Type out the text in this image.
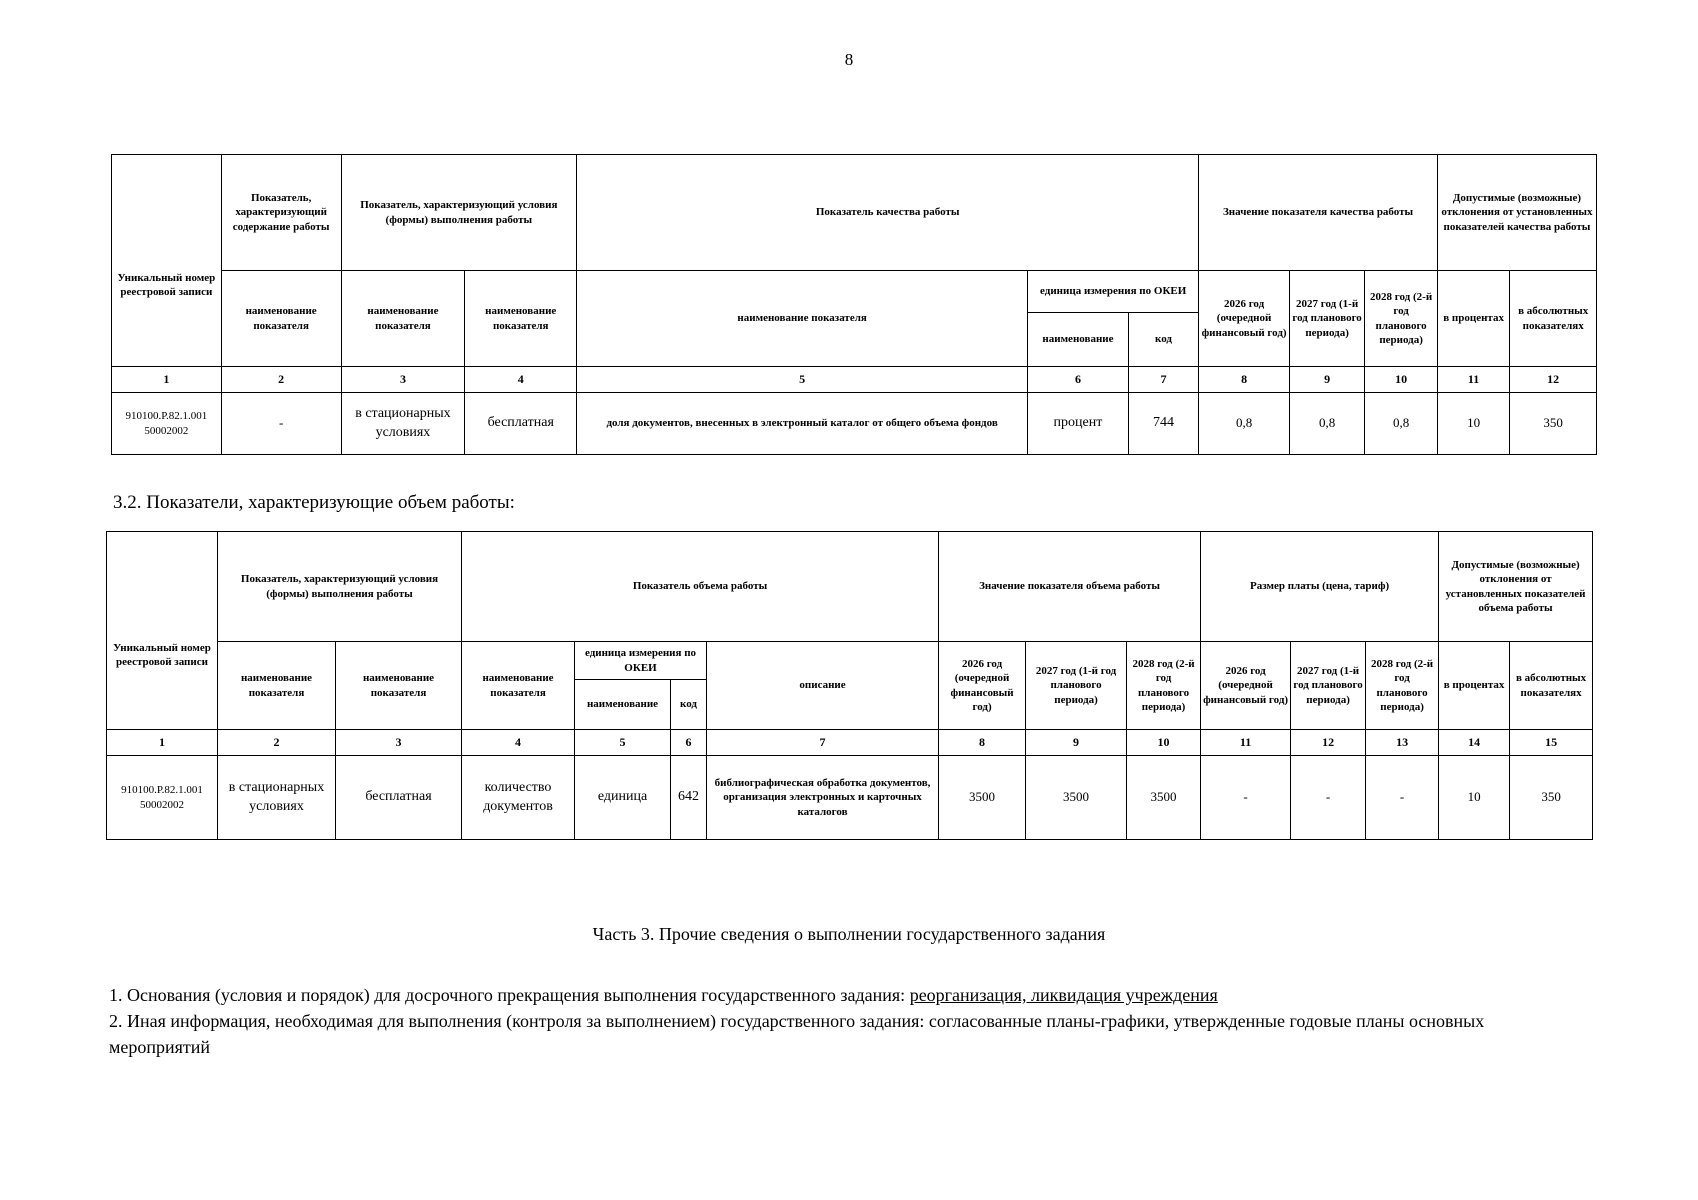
8
Уникальный номер реестровой записи	Показатель, характеризующий содержание работы	Показатель, характеризующий условия (формы) выполнения работы		Показатель качества работы			Значение показателя качества работы			Допустимые (возможные) отклонения от установленных показателей качества работы	
	наименование показателя	наименование показателя	наименование показателя	наименование показателя	единица измерения по ОКЕИ		2026 год (очередной финансовый год)	2027 год (1-й год планового периода)	2028 год (2-й год планового периода)	в процентах	в абсолютных показателях
					наименование	код					
1	2	3	4	5	6	7	8	9	10	11	12
910100.Р.82.1.001 50002002	-	в стационарных условиях	бесплатная	доля документов, внесенных в электронный каталог от общего объема фондов	процент	744	0,8	0,8	0,8	10	350
3.2. Показатели, характеризующие объем работы:
Уникальный номер реестровой записи	Показатель, характеризующий условия (формы) выполнения работы		Показатель объема работы				Значение показателя объема работы			Размер платы (цена, тариф)			Допустимые (возможные) отклонения от установленных показателей объема работы	
	наименование показателя	наименование показателя	наименование показателя	единица измерения по ОКЕИ		описание	2026 год (очередной финансовый год)	2027 год (1-й год планового периода)	2028 год (2-й год планового периода)	2026 год (очередной финансовый год)	2027 год (1-й год планового периода)	2028 год (2-й год планового периода)	в процентах	в абсолютных показателях
				наименование	код									
1	2	3	4	5	6	7	8	9	10	11	12	13	14	15
910100.Р.82.1.001 50002002	в стационарных условиях	бесплатная	количество документов	единица	642	библиографическая обработка документов, организация электронных и карточных каталогов	3500	3500	3500	-	-	-	10	350
Часть 3. Прочие сведения о выполнении государственного задания
1. Основания (условия и порядок) для досрочного прекращения выполнения государственного задания: реорганизация, ликвидация учреждения
2. Иная информация, необходимая для выполнения (контроля за выполнением) государственного задания: согласованные планы-графики, утвержденные годовые планы основных мероприятий
